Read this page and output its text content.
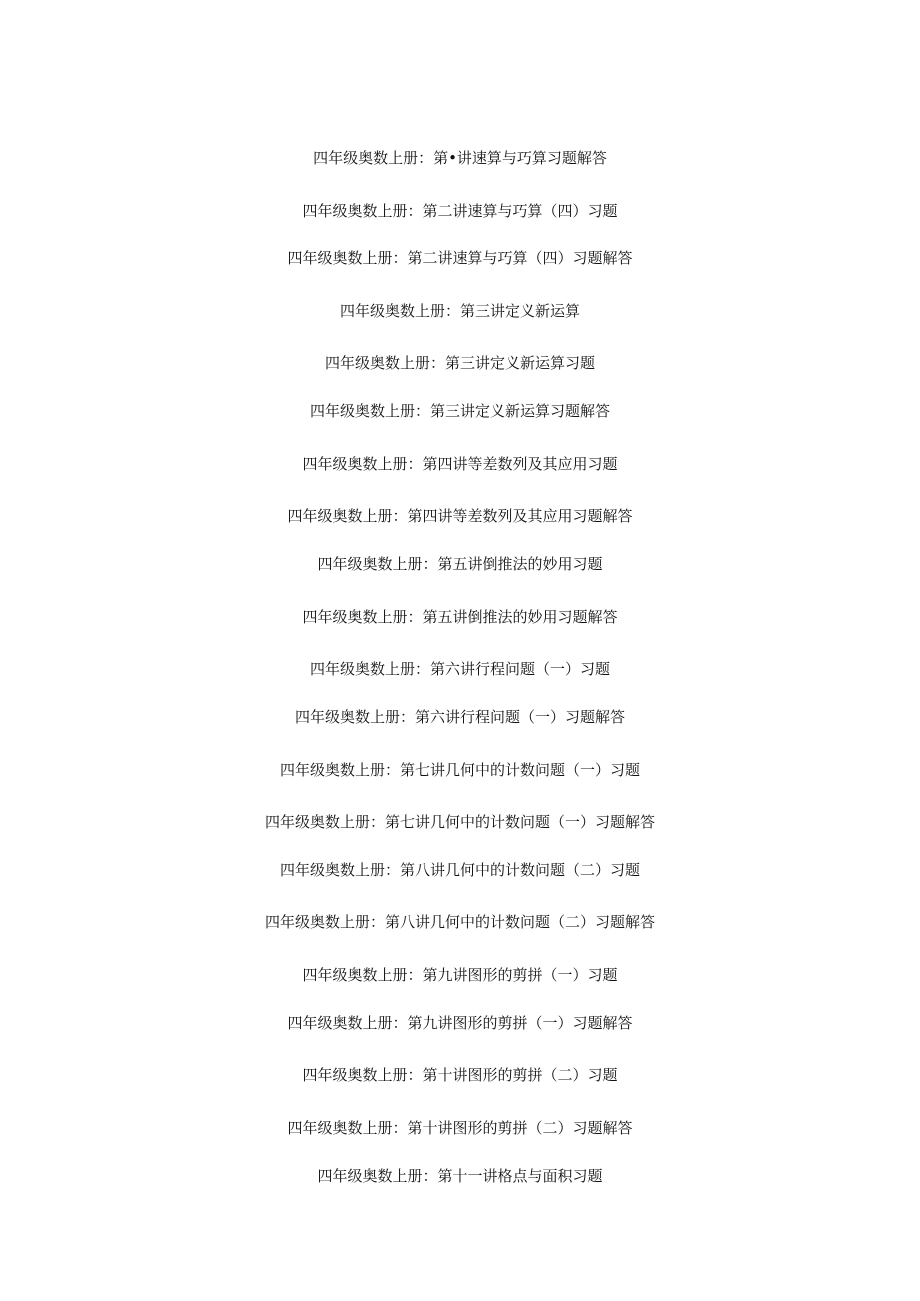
四年级奥数上册：第•讲速算与巧算习题解答

四年级奥数上册：第二讲速算与巧算（四）习题

四年级奥数上册：第二讲速算与巧算（四）习题解答

四年级奥数上册：第三讲定义新运算

四年级奥数上册：第三讲定义新运算习题

四年级奥数上册：第三讲定义新运算习题解答

四年级奥数上册：第四讲等差数列及其应用习题

四年级奥数上册：第四讲等差数列及其应用习题解答

四年级奥数上册：第五讲倒推法的妙用习题

四年级奥数上册：第五讲倒推法的妙用习题解答

四年级奥数上册：第六讲行程问题（一）习题

四年级奥数上册：第六讲行程问题（一）习题解答

四年级奥数上册：第七讲几何中的计数问题（一）习题

四年级奥数上册：第七讲几何中的计数问题（一）习题解答

四年级奥数上册：第八讲几何中的计数问题（二）习题

四年级奥数上册：第八讲几何中的计数问题（二）习题解答

四年级奥数上册：第九讲图形的剪拼（一）习题

四年级奥数上册：第九讲图形的剪拼（一）习题解答

四年级奥数上册：第十讲图形的剪拼（二）习题

四年级奥数上册：第十讲图形的剪拼（二）习题解答

四年级奥数上册：第十一讲格点与面积习题
